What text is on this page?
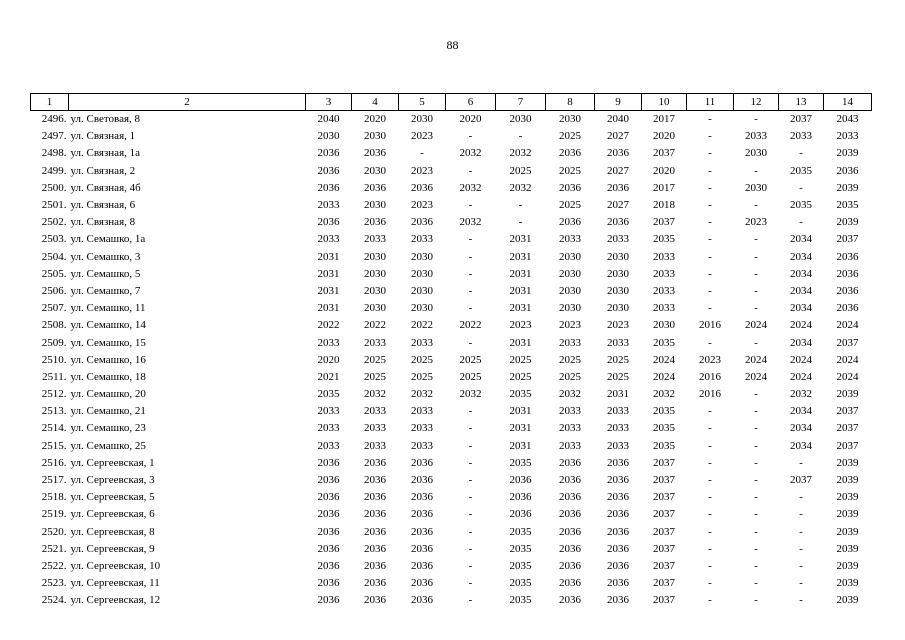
88
1	2	3	4	5	6	7	8	9	10	11	12	13	14
2496. ул. Световая, 8		2040	2020	2030	2020	2030	2030	2040	2017	-	-	2037	2043
2497. ул. Связная, 1		2030	2030	2023	-	-	2025	2027	2020	-	2033	2033	2033
2498. ул. Связная, 1а		2036	2036	-	2032	2032	2036	2036	2037	-	2030	-	2039
2499. ул. Связная, 2		2036	2030	2023	-	2025	2025	2027	2020	-	-	2035	2036
2500. ул. Связная, 4б		2036	2036	2036	2032	2032	2036	2036	2017	-	2030	-	2039
2501. ул. Связная, 6		2033	2030	2023	-	-	2025	2027	2018	-	-	2035	2035
2502. ул. Связная, 8		2036	2036	2036	2032	-	2036	2036	2037	-	2023	-	2039
2503. ул. Семашко, 1а		2033	2033	2033	-	2031	2033	2033	2035	-	-	2034	2037
2504. ул. Семашко, 3		2031	2030	2030	-	2031	2030	2030	2033	-	-	2034	2036
2505. ул. Семашко, 5		2031	2030	2030	-	2031	2030	2030	2033	-	-	2034	2036
2506. ул. Семашко, 7		2031	2030	2030	-	2031	2030	2030	2033	-	-	2034	2036
2507. ул. Семашко, 11		2031	2030	2030	-	2031	2030	2030	2033	-	-	2034	2036
2508. ул. Семашко, 14		2022	2022	2022	2022	2023	2023	2023	2030	2016	2024	2024	2024
2509. ул. Семашко, 15		2033	2033	2033	-	2031	2033	2033	2035	-	-	2034	2037
2510. ул. Семашко, 16		2020	2025	2025	2025	2025	2025	2025	2024	2023	2024	2024	2024
2511. ул. Семашко, 18		2021	2025	2025	2025	2025	2025	2025	2024	2016	2024	2024	2024
2512. ул. Семашко, 20		2035	2032	2032	2032	2035	2032	2031	2032	2016	-	2032	2039
2513. ул. Семашко, 21		2033	2033	2033	-	2031	2033	2033	2035	-	-	2034	2037
2514. ул. Семашко, 23		2033	2033	2033	-	2031	2033	2033	2035	-	-	2034	2037
2515. ул. Семашко, 25		2033	2033	2033	-	2031	2033	2033	2035	-	-	2034	2037
2516. ул. Сергеевская, 1		2036	2036	2036	-	2035	2036	2036	2037	-	-	-	2039
2517. ул. Сергеевская, 3		2036	2036	2036	-	2036	2036	2036	2037	-	-	2037	2039
2518. ул. Сергеевская, 5		2036	2036	2036	-	2036	2036	2036	2037	-	-	-	2039
2519. ул. Сергеевская, 6		2036	2036	2036	-	2036	2036	2036	2037	-	-	-	2039
2520. ул. Сергеевская, 8		2036	2036	2036	-	2035	2036	2036	2037	-	-	-	2039
2521. ул. Сергеевская, 9		2036	2036	2036	-	2035	2036	2036	2037	-	-	-	2039
2522. ул. Сергеевская, 10		2036	2036	2036	-	2035	2036	2036	2037	-	-	-	2039
2523. ул. Сергеевская, 11		2036	2036	2036	-	2035	2036	2036	2037	-	-	-	2039
2524. ул. Сергеевская, 12		2036	2036	2036	-	2035	2036	2036	2037	-	-	-	2039
